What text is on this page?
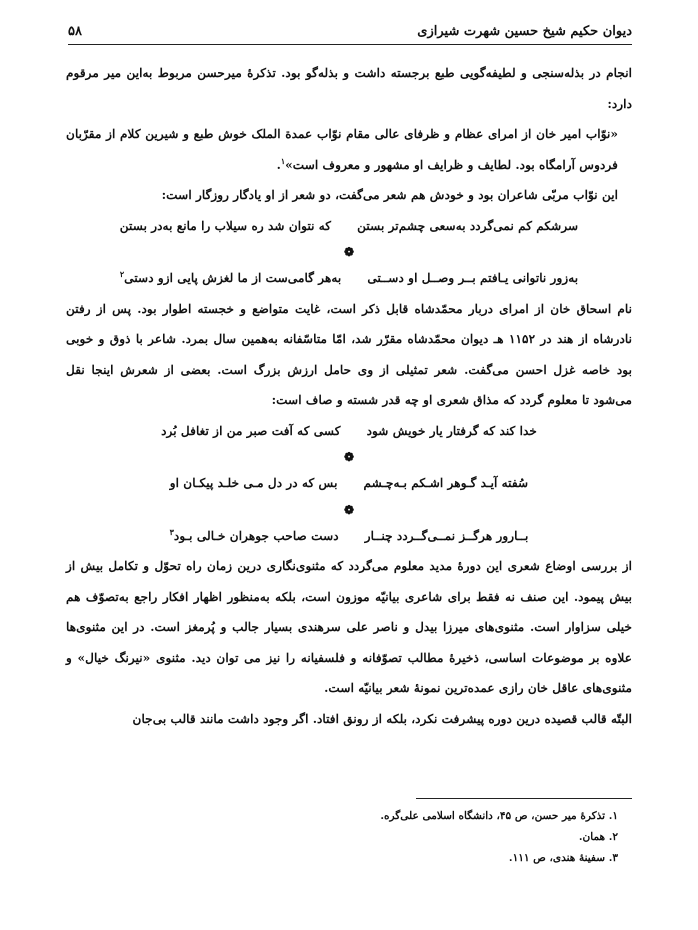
دیوان حکیم شیخ حسین شهرت شیرازی
۵۸

انجام در بذله‌سنجی و لطیفه‌گویی طبع برجسته داشت و بذله‌گو بود. تذکرهٔ میرحسن مربوط به‌این میر مرقوم دارد:

«نوّاب امیر خان از امرای عظام و ظرفای عالی مقام نوّاب عمدة الملک خوش طبع و شیرین کلام از مقرّبان فردوس آرامگاه بود. لطایف و ظرایف او مشهور و معروف است»$^۱$.

این نوّاب مربّی شاعران بود و خودش هم شعر می‌گفت، دو شعر از او یادگار روزگار است:

سرشکم کم نمی‌گردد به‌سعی چشم‌تر بستن
که نتوان شد ره سیلاب را مانع به‌در بستن
❁
به‌زور ناتوانی یـافتم بــر وصــل او دســتی
به‌هر گامی‌ست از ما لغزش پایی ازو دستی$^۲$

نام اسحاق خان از امرای دربار محمّدشاه قابل ذکر است، غایت متواضع و خجسته اطوار بود. پس از رفتن نادرشاه از هند در ۱۱۵۲ هـ دیوان محمّدشاه مقرّر شد، امّا متاسّفانه به‌همین سال بمرد. شاعر با ذوق و خوبی بود خاصه غزل احسن می‌گفت. شعر تمثیلی از وی حامل ارزش بزرگ است. بعضی از شعرش اینجا نقل می‌شود تا معلوم گردد که مذاق شعری او چه قدر شسته و صاف است:

خدا کند که گرفتار یار خویش شود
کسی که آفت صبر من از تغافل بُرد
❁
سُفته آیـد گـوهر اشـکم بـه‌چـشم
بس که در دل مـی خلـد پیکـان او
❁
بــارور هرگــز نمــی‌گــردد چنــار
دست صاحب جوهران خـالی بـود$^۳$

از بررسی اوضاع شعری این دورهٔ مدید معلوم می‌گردد که مثنوی‌نگاری درین زمان راه تحوّل و تکامل بیش از بیش پیمود. این صنف نه فقط برای شاعری بیانیّه موزون است، بلکه به‌منظور اظهار افکار راجع به‌تصوّف هم خیلی سزاوار است. مثنوی‌های میرزا بیدل و ناصر علی سرهندی بسیار جالب و پُرمغز است. در این مثنوی‌ها علاوه بر موضوعات اساسی، ذخیرهٔ مطالب تصوّفانه و فلسفیانه را نیز می توان دید. مثنوی «نیرنگ خیال» و مثنوی‌های عاقل خان رازی عمده‌ترین نمونهٔ شعر بیانیّه است.

البتّه قالب قصیده درین دوره پیشرفت نکرد، بلکه از رونق افتاد. اگر وجود داشت مانند قالب بی‌جان

۱. تذکرهٔ میر حسن، ص ۴۵، دانشگاه اسلامی علی‌گره.
۲. همان.
۳. سفینهٔ هندی، ص ۱۱۱.
